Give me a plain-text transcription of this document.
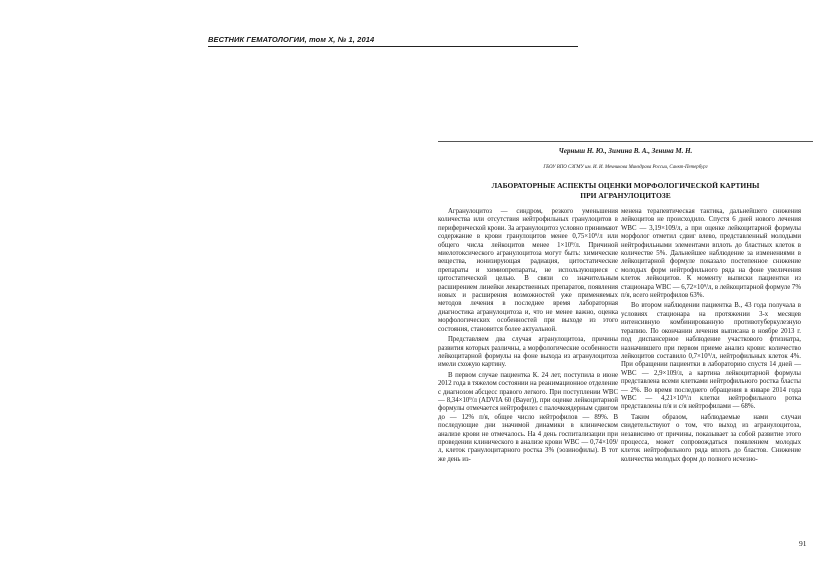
ВЕСТНИК ГЕМАТОЛОГИИ, том X, № 1, 2014
Черныш Н. Ю., Зимина В. А., Зенина М. Н.
ГБОУ ВПО СЗГМУ им. И. И. Мечникова Минздрава России, Санкт-Петербург
ЛАБОРАТОРНЫЕ АСПЕКТЫ ОЦЕНКИ МОРФОЛОГИЧЕСКОЙ КАРТИНЫ
ПРИ АГРАНУЛОЦИТОЗЕ

Агранулоцитоз — синдром, резкого уменьшения количества или отсутствия нейтрофильных гранулоцитов в периферической крови. За агранулоцитоз условно принимают содержание в крови гранулоцитов менее 0,75×10⁹/л или общего числа лейкоцитов менее 1×10⁹/л. Причиной миелотоксического агранулоцитоза могут быть: химические вещества, ионизирующая радиация, цитостатические препараты и химиопрепараты, не использующиеся с цитостатической целью. В связи со значительным расширением линейки лекарственных препаратов, появления новых и расширения возможностей уже применяемых методов лечения в последнее время лабораторная диагностика агранулоцитоза и, что не менее важно, оценка морфологических особенностей при выходе из этого состояния, становится более актуальной.

Представляем два случая агранулоцитоза, причины развития которых различны, а морфологические особенности лейкоцитарной формулы на фоне выхода из агранулоцитоза имели схожую картину.

В первом случае пациентка К. 24 лет, поступила в июне 2012 года в тяжелом состоянии на реанимационное отделение с диагнозом абсцесс правого легкого. При поступлении WBC — 8,34×10⁹/л (ADVIA 60 (Bayer)), при оценке лейкоцитарной формулы отмечается нейтрофилез с палочкоядерным сдвигом до — 12% п/я, общее число нейтрофилов — 89%. В последующие дни значимой динамики в клиническом анализе крови не отмечалось. На 4 день госпитализации при проведении клинического в анализе крови WBC — 0,74×109/л, клеток гранулоцитарного ростка 3% (эозинофилы). В тот же день из-

менена терапевтическая тактика, дальнейшего снижения лейкоцитов не происходило. Спустя 6 дней нового лечения WBC — 3,19×109/л, а при оценке лейкоцитарной формулы морфолог отметил сдвиг влево, представленный молодыми нейтрофильными элементами вплоть до бластных клеток в количестве 5%. Дальнейшее наблюдение за изменениями в лейкоцитарной формуле показало постепенное снижение молодых форм нейтрофильного ряда на фоне увеличения клеток лейкоцитов. К моменту выписки пациентки из стационара WBC — 6,72×10⁹/л, в лейкоцитарной формуле 7% п/я, всего нейтрофилов 63%.

Во втором наблюдении пациентка В., 43 года получала в условиях стационара на протяжении 3-х месяцев интенсивную комбинированную противотуберкулезную терапию. По окончании лечения выписана в ноябре 2013 г. под диспансерное наблюдение участкового фтизиатра, назначившего при первом приеме анализ крови: количество лейкоцитов составило 0,7×10⁹/л, нейтрофильных клеток 4%. При обращении пациентки в лабораторию спустя 14 дней — WBC — 2,9×109/л, а картина лейкоцитарной формулы представлена всеми клетками нейтрофильного ростка бласты — 2%. Во время последнего обращения в январе 2014 года WBC — 4,21×10⁹/л клетки нейтрофильного ротка представлены п/я и с/я нейтрофилами — 68%.

Таким образом, наблюдаемые нами случаи свидетельствуют о том, что выход из агранулоцитоза, независимо от причины, показывает за собой развитие этого процесса, может сопровождаться появлением молодых клеток нейтрофильного ряда вплоть до бластов. Снижение количества молодых форм до полного исчезно-

91
